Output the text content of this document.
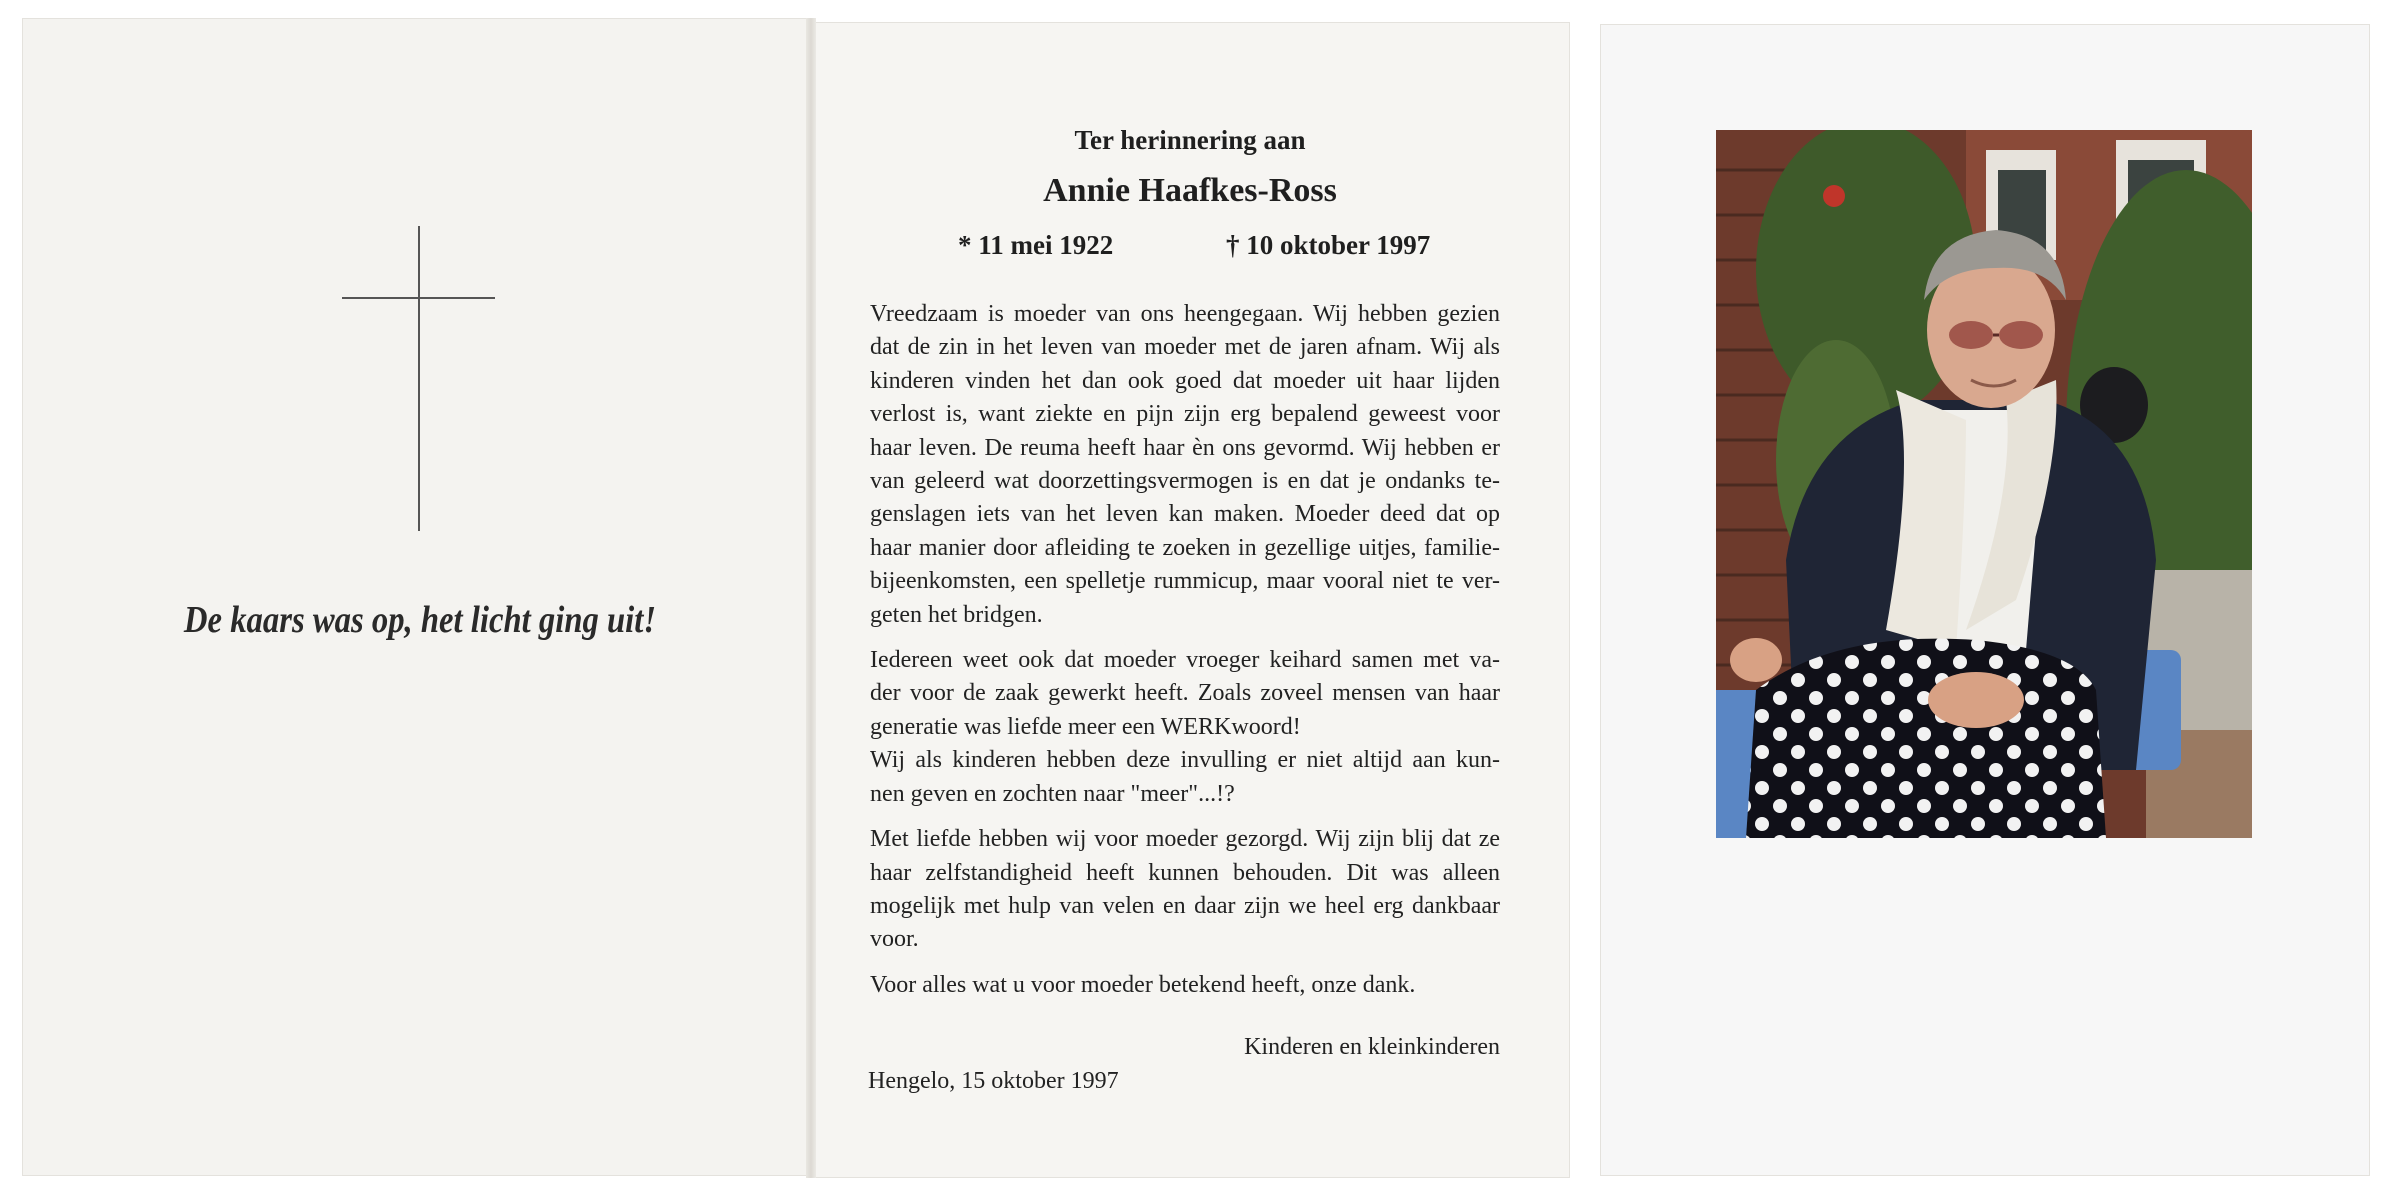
De kaars was op, het licht ging uit!
Ter herinnering aan
Annie Haafkes-Ross
* 11 mei 1922	† 10 oktober 1997
Vreedzaam is moeder van ons heengegaan. Wij hebben gezien
dat de zin in het leven van moeder met de jaren afnam. Wij als
kinderen vinden het dan ook goed dat moeder uit haar lijden
verlost is, want ziekte en pijn zijn erg bepalend geweest voor
haar leven. De reuma heeft haar èn ons gevormd. Wij hebben er
van geleerd wat doorzettingsvermogen is en dat je ondanks te-
genslagen iets van het leven kan maken. Moeder deed dat op
haar manier door afleiding te zoeken in gezellige uitjes, familie-
bijeenkomsten, een spelletje rummicup, maar vooral niet te ver-
geten het bridgen.
Iedereen weet ook dat moeder vroeger keihard samen met va-
der voor de zaak gewerkt heeft. Zoals zoveel mensen van haar
generatie was liefde meer een WERKwoord!
Wij als kinderen hebben deze invulling er niet altijd aan kun-
nen geven en zochten naar "meer"...!?
Met liefde hebben wij voor moeder gezorgd. Wij zijn blij dat ze
haar zelfstandigheid heeft kunnen behouden. Dit was alleen
mogelijk met hulp van velen en daar zijn we heel erg dankbaar
voor.
Voor alles wat u voor moeder betekend heeft, onze dank.
Kinderen en kleinkinderen
Hengelo, 15 oktober 1997
